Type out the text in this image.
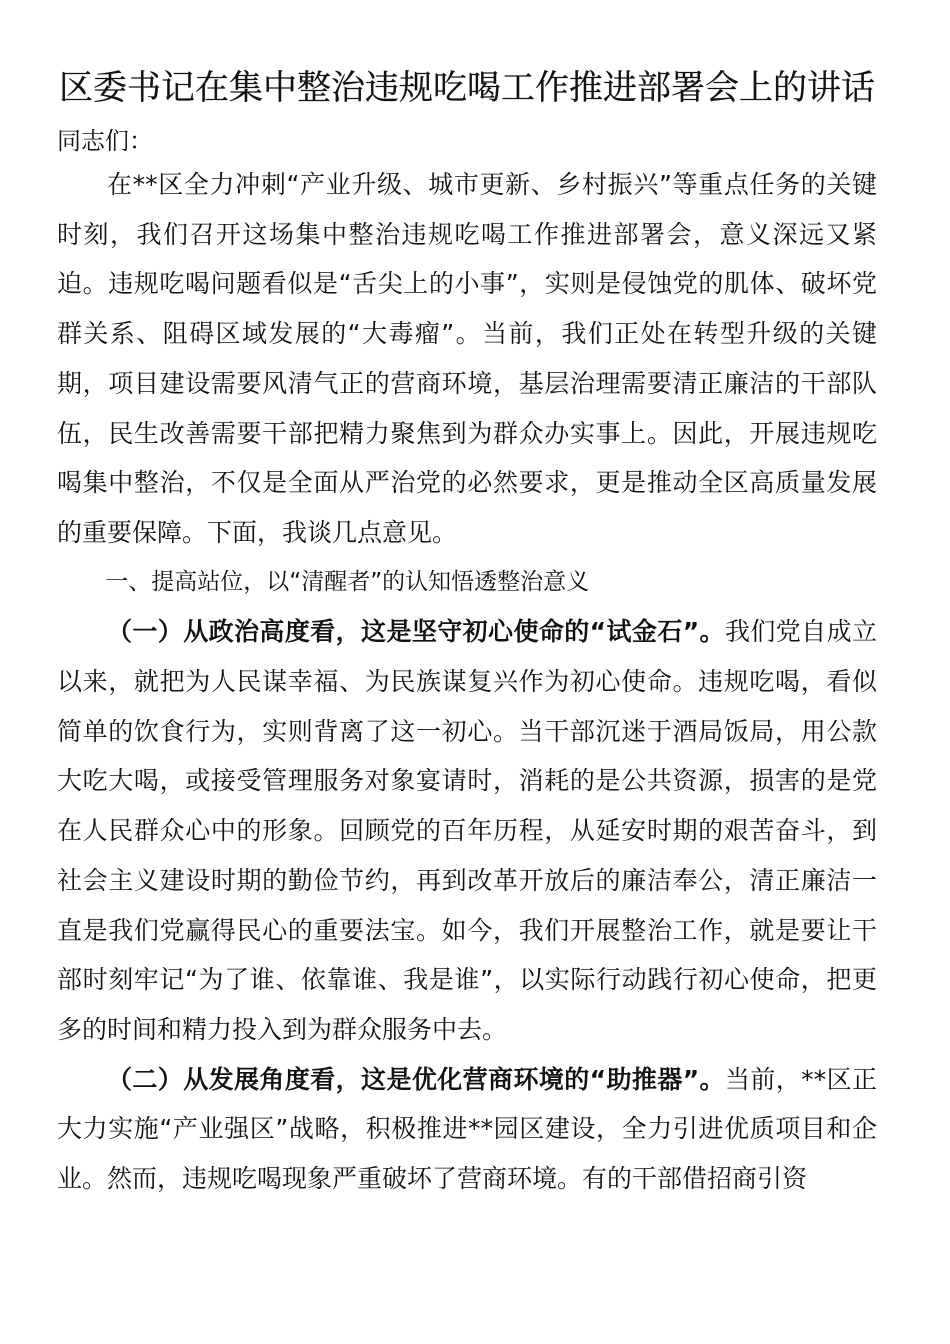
区委书记在集中整治违规吃喝工作推进部署会上的讲话

同志们：

在**区全力冲刺“产业升级、城市更新、乡村振兴”等重点任务的关键时刻，我们召开这场集中整治违规吃喝工作推进部署会，意义深远又紧迫。违规吃喝问题看似是“舌尖上的小事”，实则是侵蚀党的肌体、破坏党群关系、阻碍区域发展的“大毒瘤”。当前，我们正处在转型升级的关键期，项目建设需要风清气正的营商环境，基层治理需要清正廉洁的干部队伍，民生改善需要干部把精力聚焦到为群众办实事上。因此，开展违规吃喝集中整治，不仅是全面从严治党的必然要求，更是推动全区高质量发展的重要保障。下面，我谈几点意见。

一、提高站位，以“清醒者”的认知悟透整治意义

（一）从政治高度看，这是坚守初心使命的“试金石”。我们党自成立以来，就把为人民谋幸福、为民族谋复兴作为初心使命。违规吃喝，看似简单的饮食行为，实则背离了这一初心。当干部沉迷于酒局饭局，用公款大吃大喝，或接受管理服务对象宴请时，消耗的是公共资源，损害的是党在人民群众心中的形象。回顾党的百年历程，从延安时期的艰苦奋斗，到社会主义建设时期的勤俭节约，再到改革开放后的廉洁奉公，清正廉洁一直是我们党赢得民心的重要法宝。如今，我们开展整治工作，就是要让干部时刻牢记“为了谁、依靠谁、我是谁”，以实际行动践行初心使命，把更多的时间和精力投入到为群众服务中去。

（二）从发展角度看，这是优化营商环境的“助推器”。当前，**区正大力实施“产业强区”战略，积极推进**园区建设，全力引进优质项目和企业。然而，违规吃喝现象严重破坏了营商环境。有的干部借招商引资
